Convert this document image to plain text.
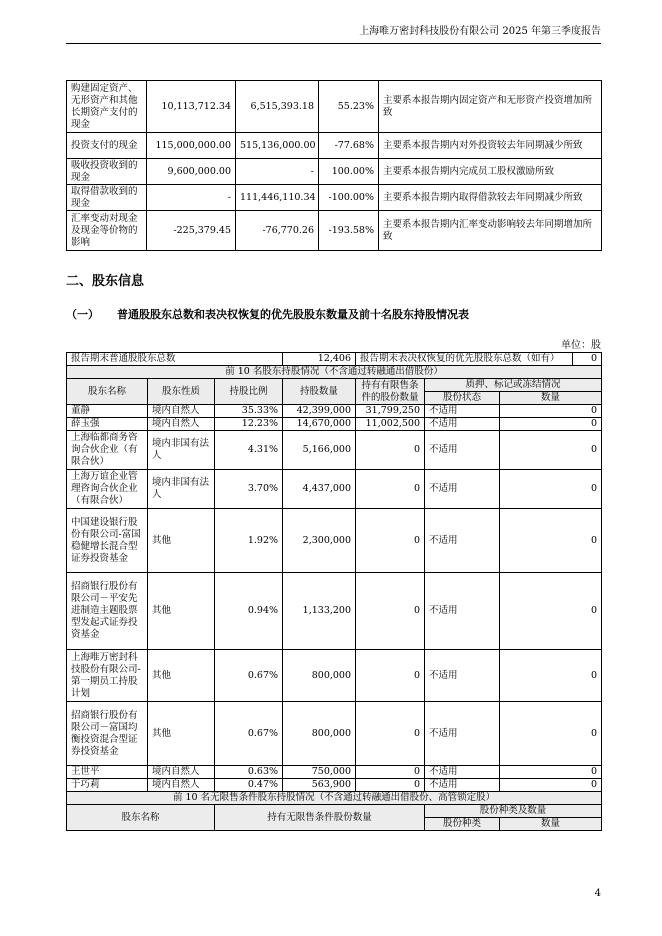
上海唯万密封科技股份有限公司 2025 年第三季度报告
购建固定资产、无形资产和其他长期资产支付的现金	10,113,712.34	6,515,393.18	55.23%	主要系本报告期内固定资产和无形资产投资增加所致
投资支付的现金	115,000,000.00	515,136,000.00	-77.68%	主要系本报告期内对外投资较去年同期减少所致
吸收投资收到的现金	9,600,000.00	-	100.00%	主要系本报告期内完成员工股权激励所致
取得借款收到的现金	-	111,446,110.34	-100.00%	主要系本报告期内取得借款较去年同期减少所致
汇率变动对现金及现金等价物的影响	-225,379.45	-76,770.26	-193.58%	主要系本报告期内汇率变动影响较去年同期增加所致
二、股东信息
（一） 普通股股东总数和表决权恢复的优先股股东数量及前十名股东持股情况表
单位：股
报告期末普通股股东总数			12,406	报告期末表决权恢复的优先股股东总数（如有）			0
前 10 名股东持股情况（不含通过转融通出借股份）							
股东名称	股东性质	持股比例	持股数量	持有有限售条件的股份数量	质押、标记或冻结情况		
					股份状态	数量	
董静	境内自然人	35.33%	42,399,000	31,799,250	不适用	0	
薛玉强	境内自然人	12.23%	14,670,000	11,002,500	不适用	0	
上海临都商务咨询合伙企业（有限合伙）	境内非国有法人	4.31%	5,166,000	0	不适用	0	
上海万谊企业管理咨询合伙企业（有限合伙）	境内非国有法人	3.70%	4,437,000	0	不适用	0	
中国建设银行股份有限公司-富国稳健增长混合型证券投资基金	其他	1.92%	2,300,000	0	不适用	0	
招商银行股份有限公司－平安先进制造主题股票型发起式证券投资基金	其他	0.94%	1,133,200	0	不适用	0	
上海唯万密封科技股份有限公司-第一期员工持股计划	其他	0.67%	800,000	0	不适用	0	
招商银行股份有限公司－富国均衡投资混合型证券投资基金	其他	0.67%	800,000	0	不适用	0	
王世平	境内自然人	0.63%	750,000	0	不适用	0	
于巧莉	境内自然人	0.47%	563,900	0	不适用	0	
前 10 名无限售条件股东持股情况（不含通过转融通出借股份、高管锁定股）							
股东名称		持有无限售条件股份数量			股份种类及数量		
					股份种类	数量	
4
